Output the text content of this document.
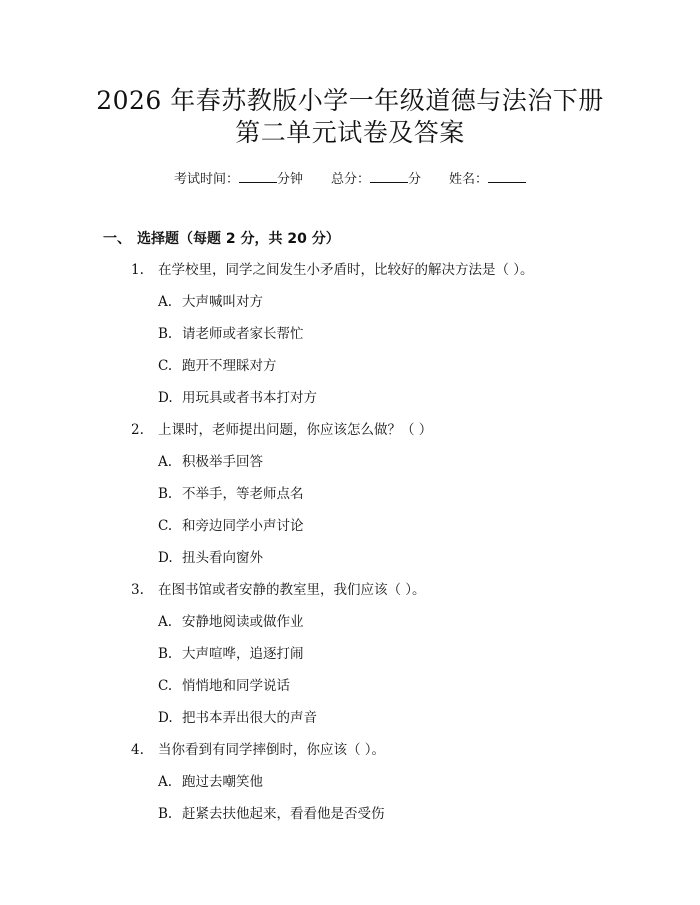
2026 年春苏教版小学一年级道德与法治下册
第二单元试卷及答案
考试时间：	分钟 总分：	分 姓名：
一、 选择题（每题 2 分，共 20 分）
1. 在学校里，同学之间发生小矛盾时，比较好的解决方法是（ ）。
A. 大声喊叫对方
B. 请老师或者家长帮忙
C. 跑开不理睬对方
D. 用玩具或者书本打对方
2. 上课时，老师提出问题，你应该怎么做？（ ）
A. 积极举手回答
B. 不举手，等老师点名
C. 和旁边同学小声讨论
D. 扭头看向窗外
3. 在图书馆或者安静的教室里，我们应该（ ）。
A. 安静地阅读或做作业
B. 大声喧哗，追逐打闹
C. 悄悄地和同学说话
D. 把书本弄出很大的声音
4. 当你看到有同学摔倒时，你应该（ ）。
A. 跑过去嘲笑他
B. 赶紧去扶他起来，看看他是否受伤
